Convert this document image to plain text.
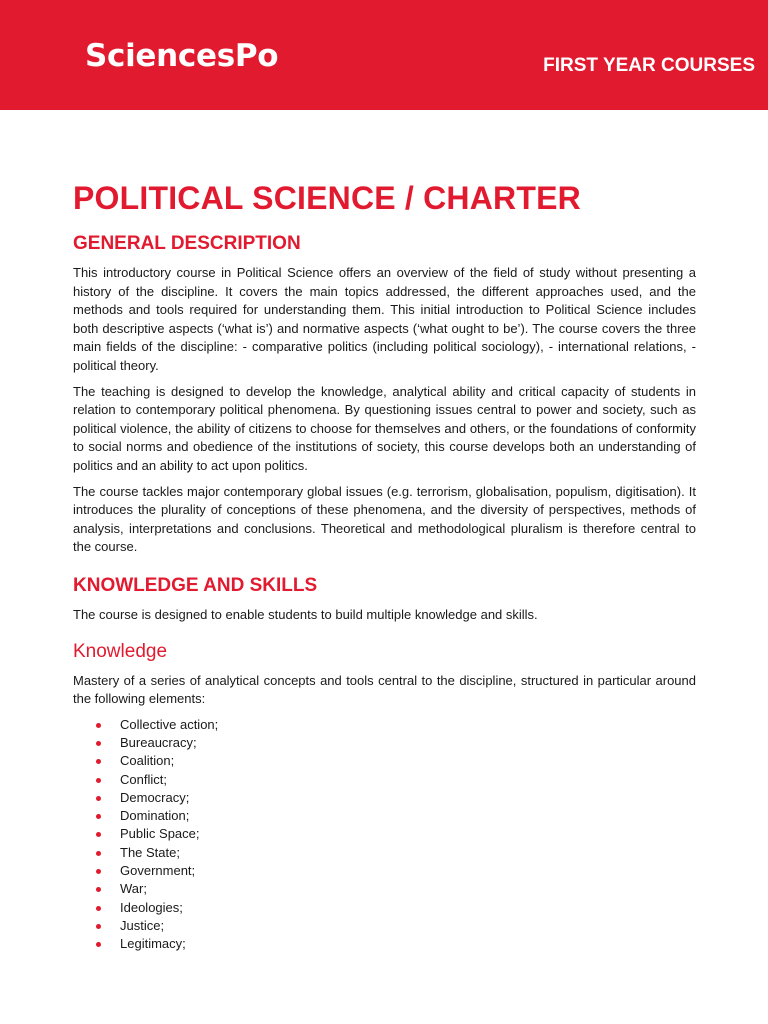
SciencesPo	FIRST YEAR COURSES
POLITICAL SCIENCE / CHARTER
GENERAL DESCRIPTION

This introductory course in Political Science offers an overview of the field of study without presenting a history of the discipline. It covers the main topics addressed, the different approaches used, and the methods and tools required for understanding them. This initial introduction to Political Science includes both descriptive aspects (‘what is’) and normative aspects (‘what ought to be’). The course covers the three main fields of the discipline: - comparative politics (including political sociology), - international relations, - political theory.

The teaching is designed to develop the knowledge, analytical ability and critical capacity of students in relation to contemporary political phenomena. By questioning issues central to power and society, such as political violence, the ability of citizens to choose for themselves and others, or the foundations of conformity to social norms and obedience of the institutions of society, this course develops both an understanding of politics and an ability to act upon politics.

The course tackles major contemporary global issues (e.g. terrorism, globalisation, populism, digitisation). It introduces the plurality of conceptions of these phenomena, and the diversity of perspectives, methods of analysis, interpretations and conclusions. Theoretical and methodological pluralism is therefore central to the course.

KNOWLEDGE AND SKILLS

The course is designed to enable students to build multiple knowledge and skills.

Knowledge

Mastery of a series of analytical concepts and tools central to the discipline, structured in particular around the following elements:

Collective action;
Bureaucracy;
Coalition;
Conflict;
Democracy;
Domination;
Public Space;
The State;
Government;
War;
Ideologies;
Justice;
Legitimacy;
